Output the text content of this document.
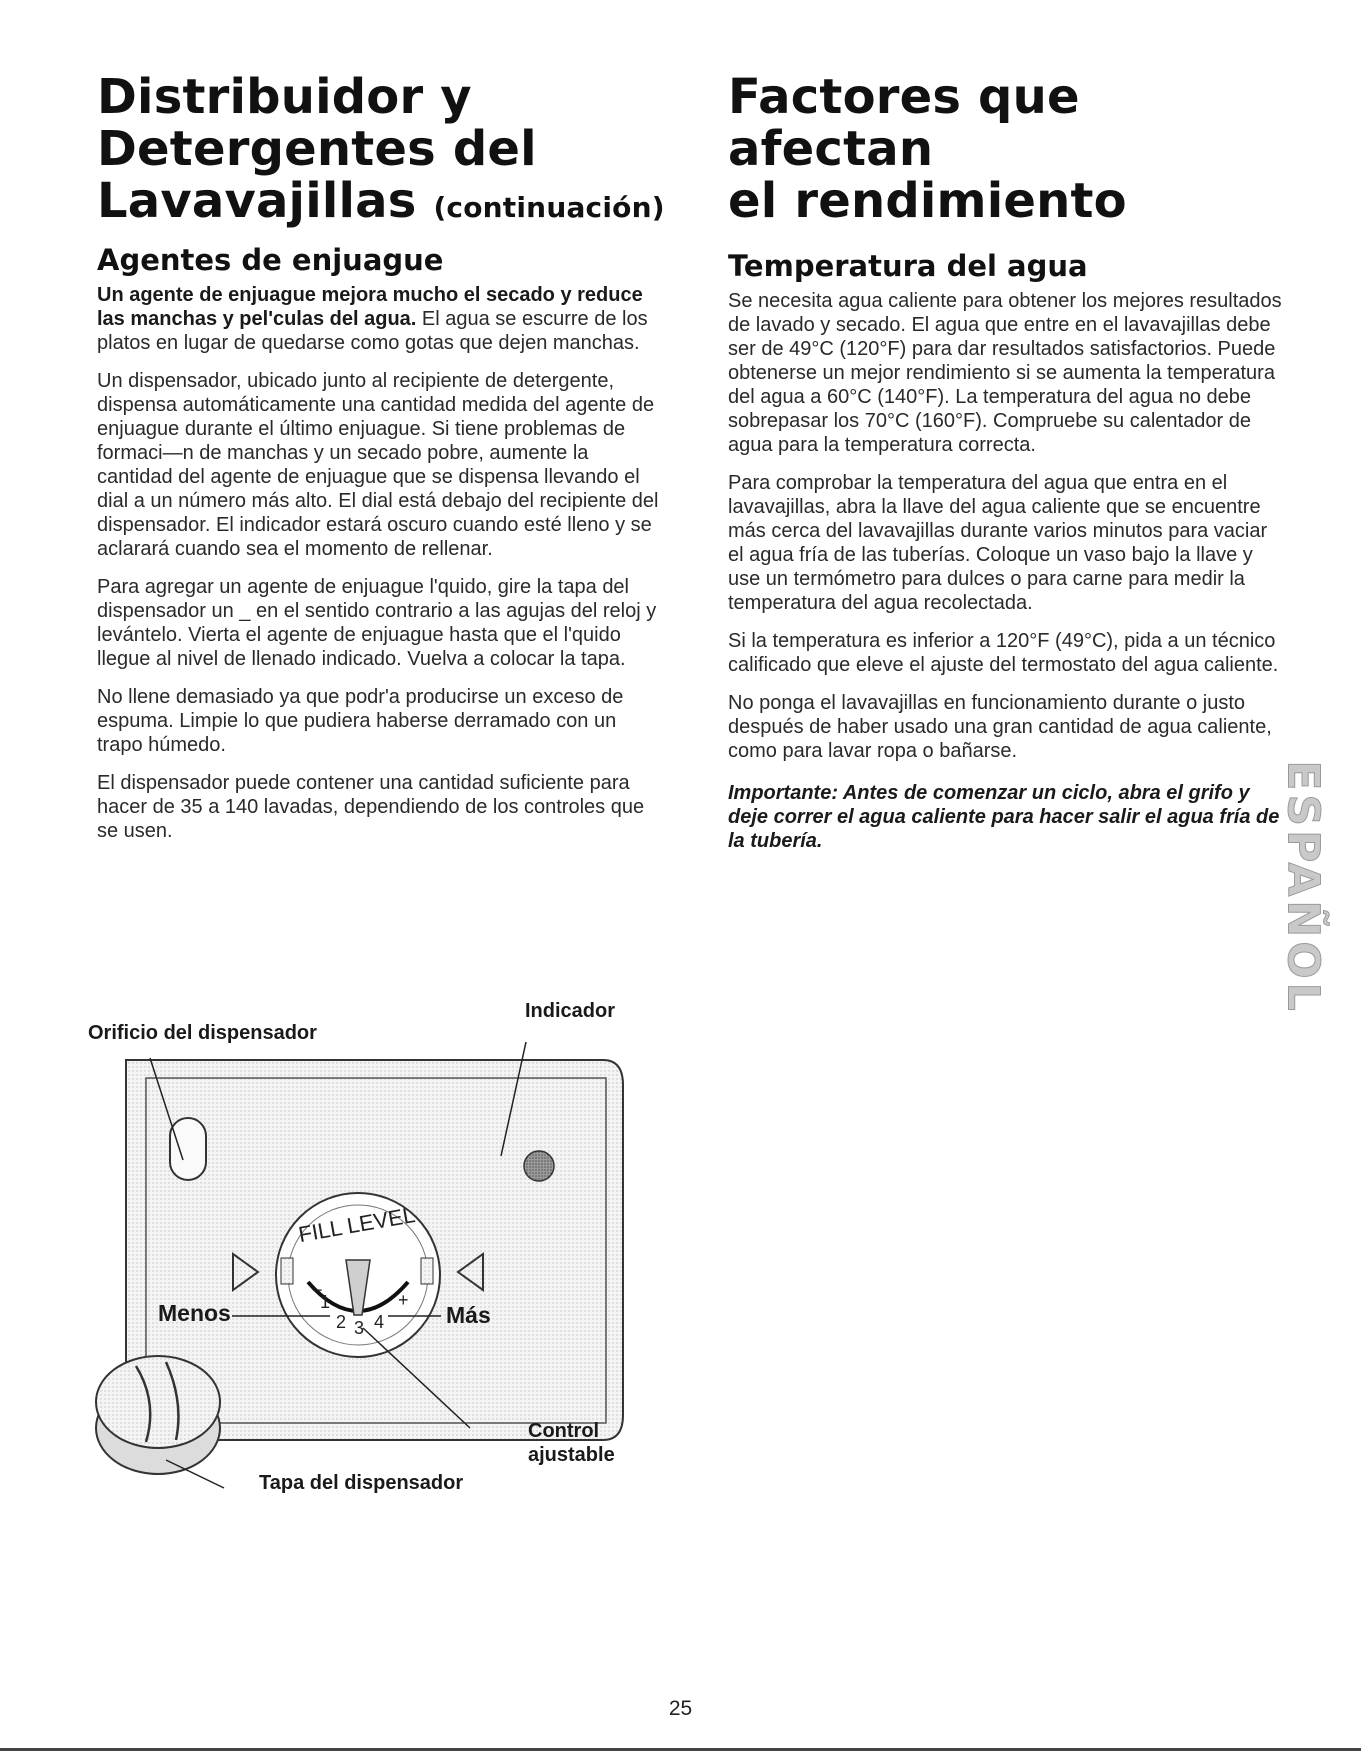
Distribuidor y
Detergentes del
Lavavajillas (continuación)
Agentes de enjuague

Un agente de enjuague mejora mucho el secado y reduce las manchas y pel'culas del agua. El agua se escurre de los platos en lugar de quedarse como gotas que dejen manchas.

Un dispensador, ubicado junto al recipiente de detergente, dispensa automáticamente una cantidad medida del agente de enjuague durante el último enjuague. Si tiene problemas de formaci—n de manchas y un secado pobre, aumente la cantidad del agente de enjuague que se dispensa llevando el dial a un número más alto. El dial está debajo del recipiente del dispensador. El indicador estará oscuro cuando esté lleno y se aclarará cuando sea el momento de rellenar.

Para agregar un agente de enjuague l'quido, gire la tapa del dispensador un _ en el sentido contrario a las agujas del reloj y levántelo. Vierta el agente de enjuague hasta que el l'quido llegue al nivel de llenado indicado. Vuelva a colocar la tapa.

No llene demasiado ya que podr'a producirse un exceso de espuma. Limpie lo que pudiera haberse derramado con un trapo húmedo.

El dispensador puede contener una cantidad suficiente para hacer de 35 a 140 lavadas, dependiendo de los controles que se usen.

Factores que afectan
el rendimiento
Temperatura del agua

Se necesita agua caliente para obtener los mejores resultados de lavado y secado. El agua que entre en el lavavajillas debe ser de 49°C (120°F) para dar resultados satisfactorios. Puede obtenerse un mejor rendimiento si se aumenta la temperatura del agua a 60°C (140°F). La temperatura del agua no debe sobrepasar los 70°C (160°F). Compruebe su calentador de agua para la temperatura correcta.

Para comprobar la temperatura del agua que entra en el lavavajillas, abra la llave del agua caliente que se encuentre más cerca del lavavajillas durante varios minutos para vaciar el agua fría de las tuberías. Coloque un vaso bajo la llave y use un termómetro para dulces o para carne para medir la temperatura del agua recolectada.

Si la temperatura es inferior a 120°F (49°C), pida a un técnico calificado que eleve el ajuste del termostato del agua caliente.

No ponga el lavavajillas en funcionamiento durante o justo después de haber usado una gran cantidad de agua caliente, como para lavar ropa o bañarse.

Importante: Antes de comenzar un ciclo, abra el grifo y deje correr el agua caliente para hacer salir el agua fría de la tubería.

FILL LEVEL
1
2 3 4
−	+
Orificio del dispensador
Indicador
Menos	Más
Control
ajustable
Tapa del dispensador
ESPAÑOL
25
